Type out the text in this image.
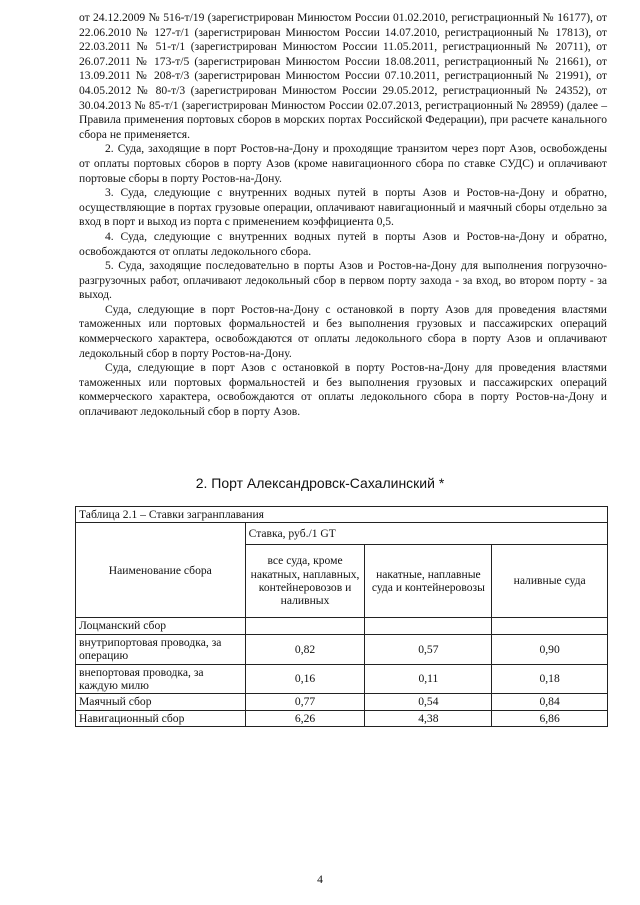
от 24.12.2009 № 516-т/19 (зарегистрирован Минюстом России 01.02.2010, регистрационный № 16177), от 22.06.2010 № 127-т/1 (зарегистрирован Минюстом России 14.07.2010, регистрационный № 17813), от 22.03.2011 № 51-т/1 (зарегистрирован Минюстом России 11.05.2011, регистрационный № 20711), от 26.07.2011 № 173-т/5 (зарегистрирован Минюстом России 18.08.2011, регистрационный № 21661), от 13.09.2011 № 208-т/3 (зарегистрирован Минюстом России 07.10.2011, регистрационный № 21991), от 04.05.2012 № 80-т/3 (зарегистрирован Минюстом России 29.05.2012, регистрационный № 24352), от 30.04.2013 № 85-т/1 (зарегистрирован Минюстом России 02.07.2013, регистрационный № 28959) (далее – Правила применения портовых сборов в морских портах Российской Федерации), при расчете канального сбора не применяется.

2. Суда, заходящие в порт Ростов-на-Дону и проходящие транзитом через порт Азов, освобождены от оплаты портовых сборов в порту Азов (кроме навигационного сбора по ставке СУДС) и оплачивают портовые сборы в порту Ростов-на-Дону.

3. Суда, следующие с внутренних водных путей в порты Азов и Ростов-на-Дону и обратно, осуществляющие в портах грузовые операции, оплачивают навигационный и маячный сборы отдельно за вход в порт и выход из порта с применением коэффициента 0,5.

4. Суда, следующие с внутренних водных путей в порты Азов и Ростов-на-Дону и обратно, освобождаются от оплаты ледокольного сбора.

5. Суда, заходящие последовательно в порты Азов и Ростов-на-Дону для выполнения погрузочно-разгрузочных работ, оплачивают ледокольный сбор в первом порту захода - за вход, во втором порту - за выход.

Суда, следующие в порт Ростов-на-Дону с остановкой в порту Азов для проведения властями таможенных или портовых формальностей и без выполнения грузовых и пассажирских операций коммерческого характера, освобождаются от оплаты ледокольного сбора в порту Азов и оплачивают ледокольный сбор в порту Ростов-на-Дону.

Суда, следующие в порт Азов с остановкой в порту Ростов-на-Дону для проведения властями таможенных или портовых формальностей и без выполнения грузовых и пассажирских операций коммерческого характера, освобождаются от оплаты ледокольного сбора в порту Ростов-на-Дону и оплачивают ледокольный сбор в порту Азов.

2. Порт Александровск-Сахалинский *
Таблица 2.1 – Ставки загранплавания			
Наименование сбора	Ставка, руб./1 GT		
	все суда, кроме накатных, наплавных, контейнеровозов и наливных	накатные, наплавные суда и контейнеровозы	наливные суда
Лоцманский сбор			
внутрипортовая проводка, за операцию	0,82	0,57	0,90
внепортовая проводка, за каждую милю	0,16	0,11	0,18
Маячный сбор	0,77	0,54	0,84
Навигационный сбор	6,26	4,38	6,86
4
